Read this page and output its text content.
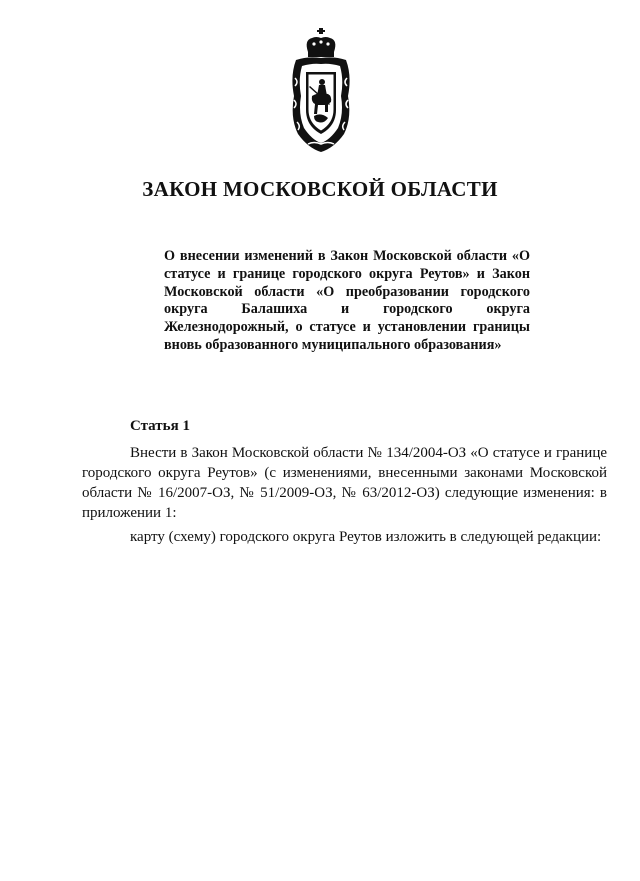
ЗАКОН МОСКОВСКОЙ ОБЛАСТИ
О внесении изменений в Закон Московской области «О статусе и границе городского округа Реутов» и Закон Московской области «О преобразовании городского округа Балашиха и городского округа Железнодорожный, о статусе и установлении границы вновь образованного муниципального образования»
Статья 1

Внести в Закон Московской области № 134/2004-ОЗ «О статусе и границе городского округа Реутов» (с изменениями, внесенными законами Московской области № 16/2007-ОЗ, № 51/2009-ОЗ, № 63/2012-ОЗ) следующие изменения: в приложении 1:

карту (схему) городского округа Реутов изложить в следующей редакции:
